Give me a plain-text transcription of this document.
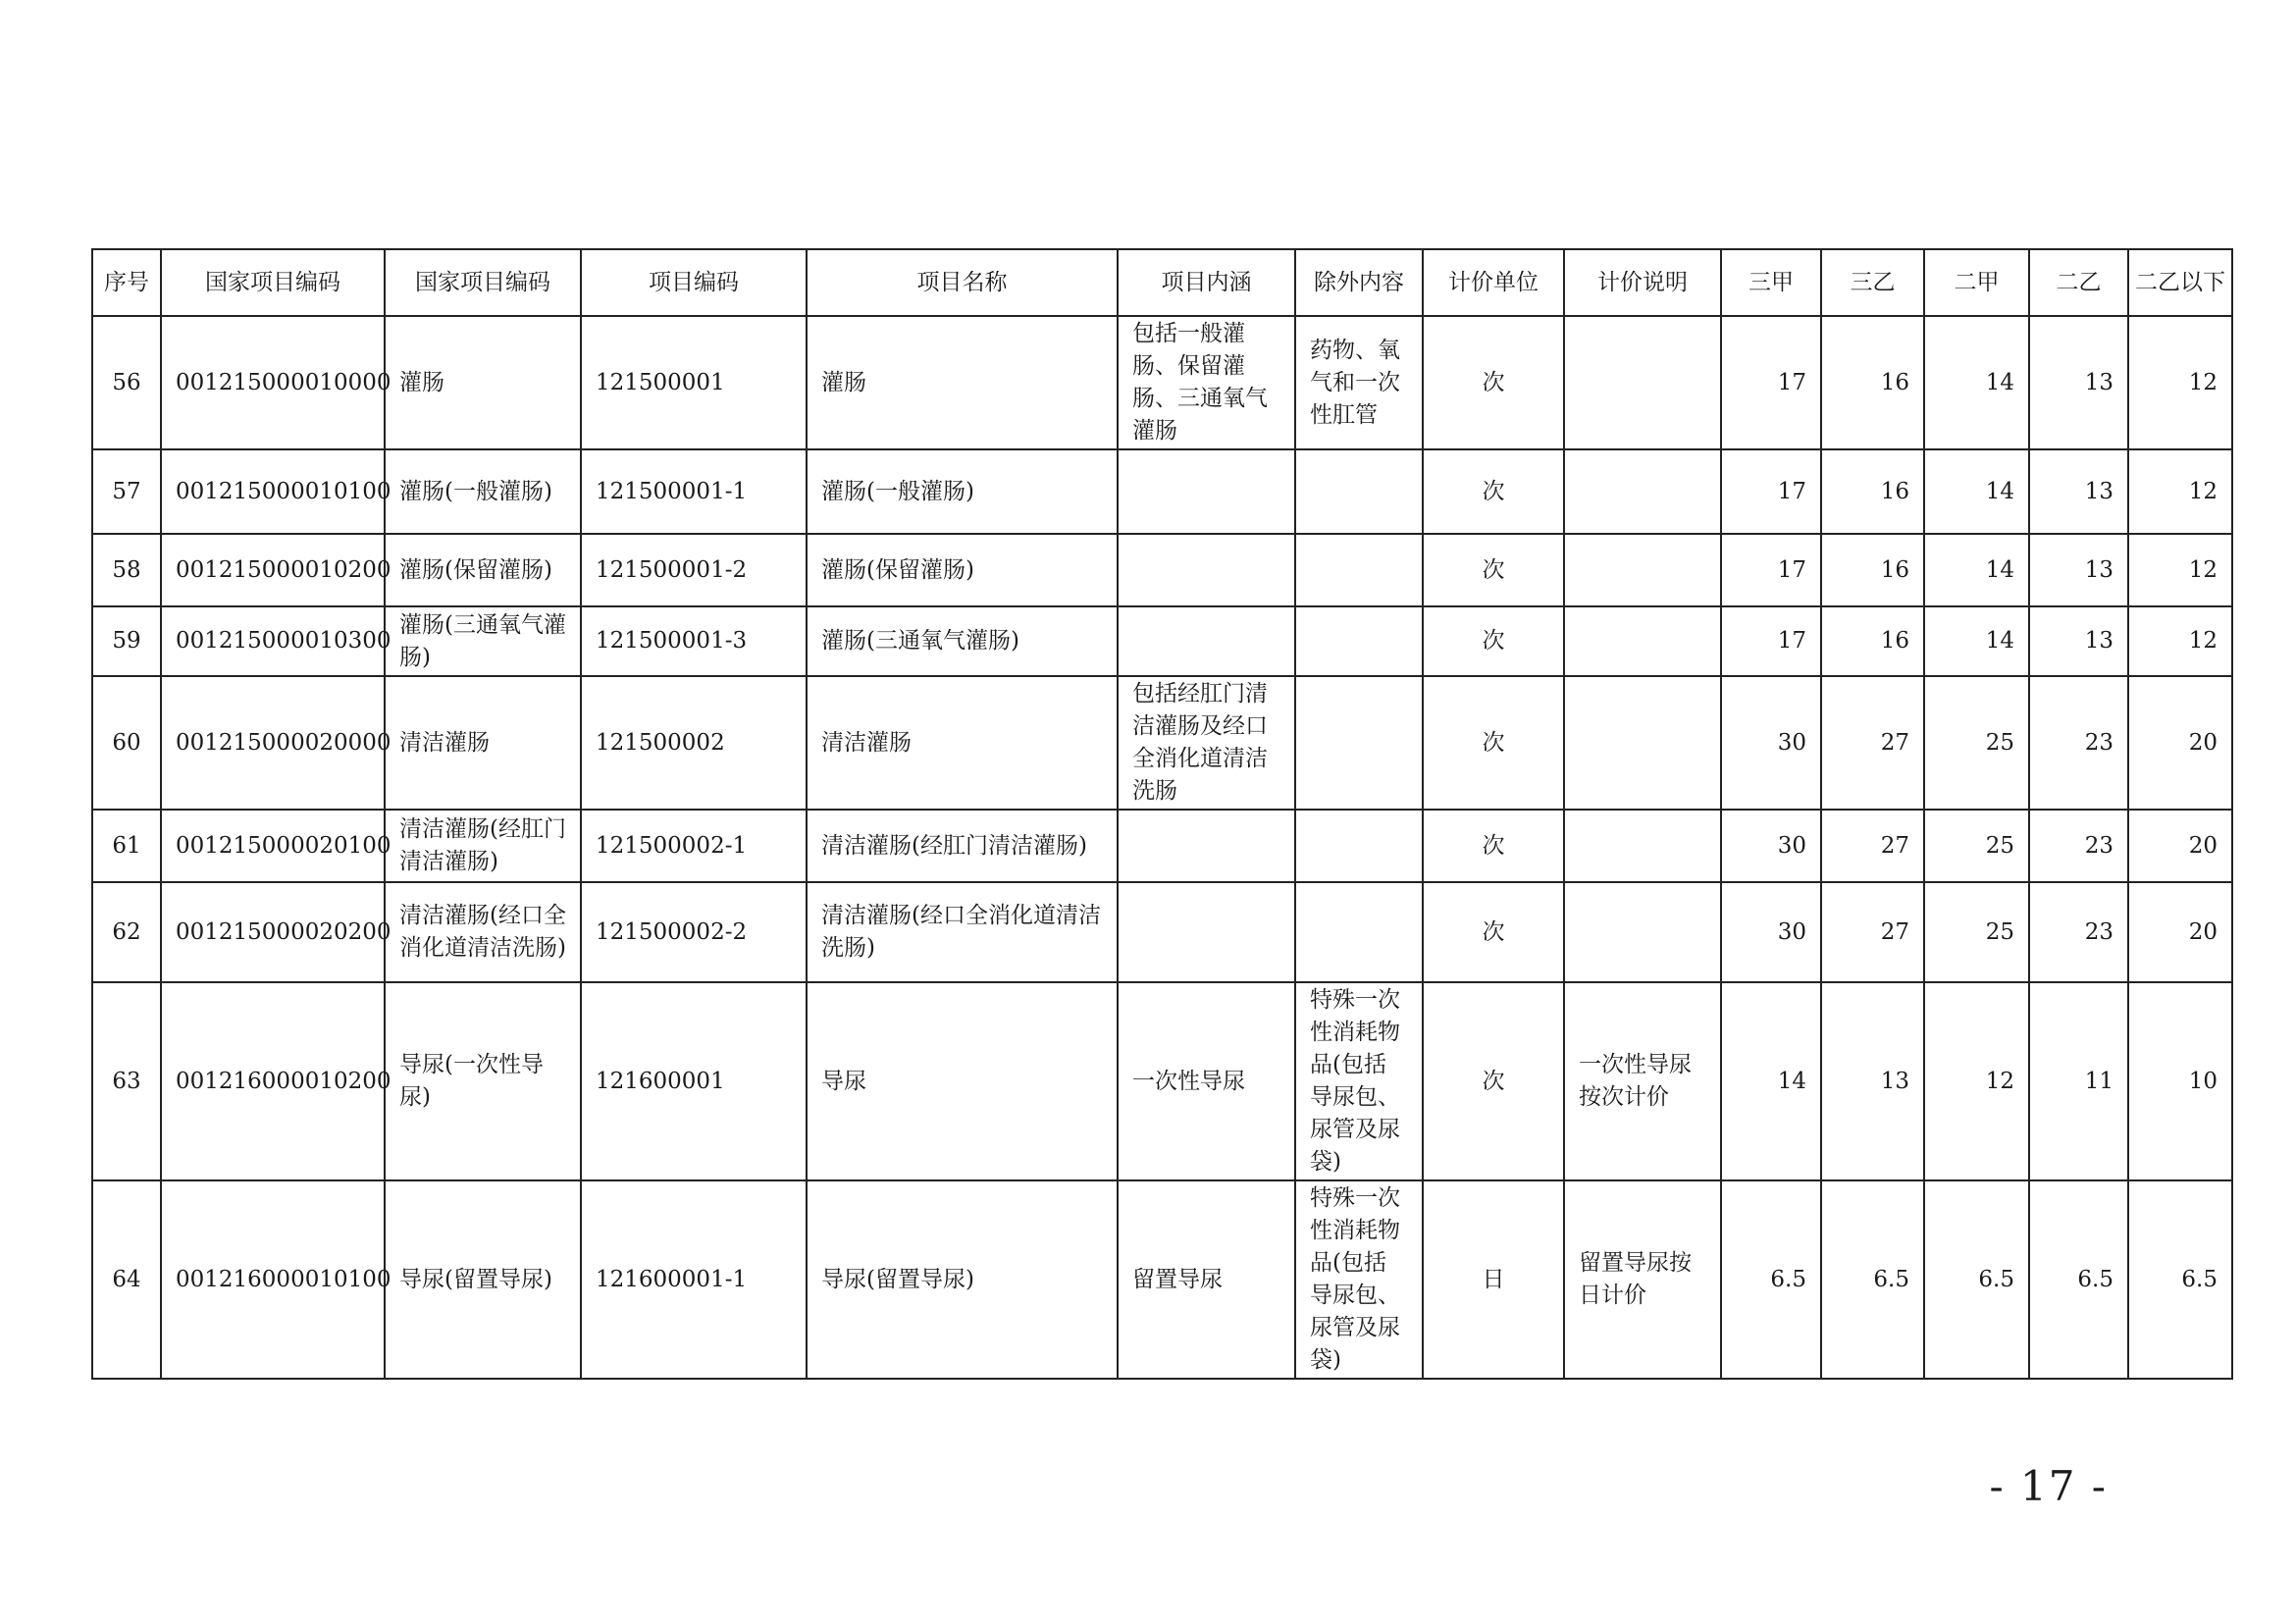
序号	国家项目编码	国家项目编码	项目编码	项目名称	项目内涵	除外内容	计价单位	计价说明	三甲	三乙	二甲	二乙	二乙以下
56	001215000010000	灌肠	121500001	灌肠	包括一般灌肠、保留灌肠、三通氧气灌肠	药物、氧气和一次性肛管	次		17	16	14	13	12
57	001215000010100	灌肠(一般灌肠)	121500001-1	灌肠(一般灌肠)			次		17	16	14	13	12
58	001215000010200	灌肠(保留灌肠)	121500001-2	灌肠(保留灌肠)			次		17	16	14	13	12
59	001215000010300	灌肠(三通氧气灌肠)	121500001-3	灌肠(三通氧气灌肠)			次		17	16	14	13	12
60	001215000020000	清洁灌肠	121500002	清洁灌肠	包括经肛门清洁灌肠及经口全消化道清洁洗肠		次		30	27	25	23	20
61	001215000020100	清洁灌肠(经肛门清洁灌肠)	121500002-1	清洁灌肠(经肛门清洁灌肠)			次		30	27	25	23	20
62	001215000020200	清洁灌肠(经口全消化道清洁洗肠)	121500002-2	清洁灌肠(经口全消化道清洁洗肠)			次		30	27	25	23	20
63	001216000010200	导尿(一次性导尿)	121600001	导尿	一次性导尿	特殊一次性消耗物品(包括导尿包、尿管及尿袋)	次	一次性导尿按次计价	14	13	12	11	10
64	001216000010100	导尿(留置导尿)	121600001-1	导尿(留置导尿)	留置导尿	特殊一次性消耗物品(包括导尿包、尿管及尿袋)	日	留置导尿按日计价	6.5	6.5	6.5	6.5	6.5
- 17 -
